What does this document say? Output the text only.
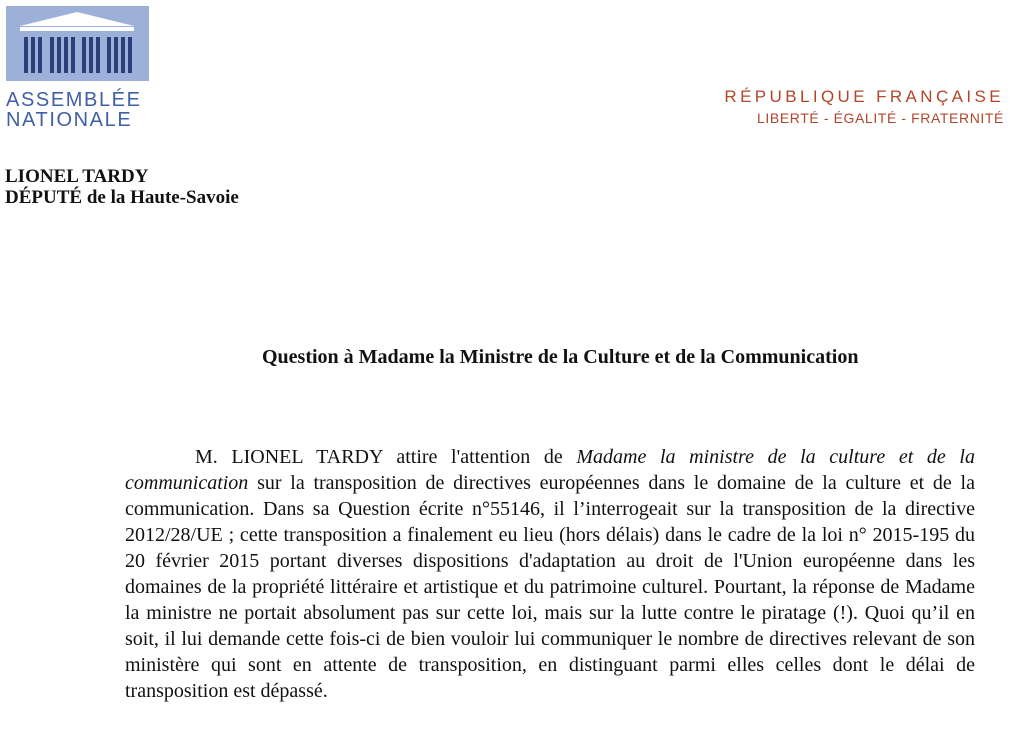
ASSEMBLÉE
NATIONALE
RÉPUBLIQUE FRANÇAISE
LIBERTÉ - ÉGALITÉ - FRATERNITÉ
LIONEL TARDY
DÉPUTÉ de la Haute-Savoie
Question à Madame la Ministre de la Culture et de la Communication

M. LIONEL TARDY attire l'attention de Madame la ministre de la culture et de la communication sur la transposition de directives européennes dans le domaine de la culture et de la communication. Dans sa Question écrite n°55146, il l’interrogeait sur la transposition de la directive 2012/28/UE ; cette transposition a finalement eu lieu (hors délais) dans le cadre de la loi n° 2015-195 du 20 février 2015 portant diverses dispositions d'adaptation au droit de l'Union européenne dans les domaines de la propriété littéraire et artistique et du patrimoine culturel. Pourtant, la réponse de Madame la ministre ne portait absolument pas sur cette loi, mais sur la lutte contre le piratage (!). Quoi qu’il en soit, il lui demande cette fois-ci de bien vouloir lui communiquer le nombre de directives relevant de son ministère qui sont en attente de transposition, en distinguant parmi elles celles dont le délai de transposition est dépassé.
